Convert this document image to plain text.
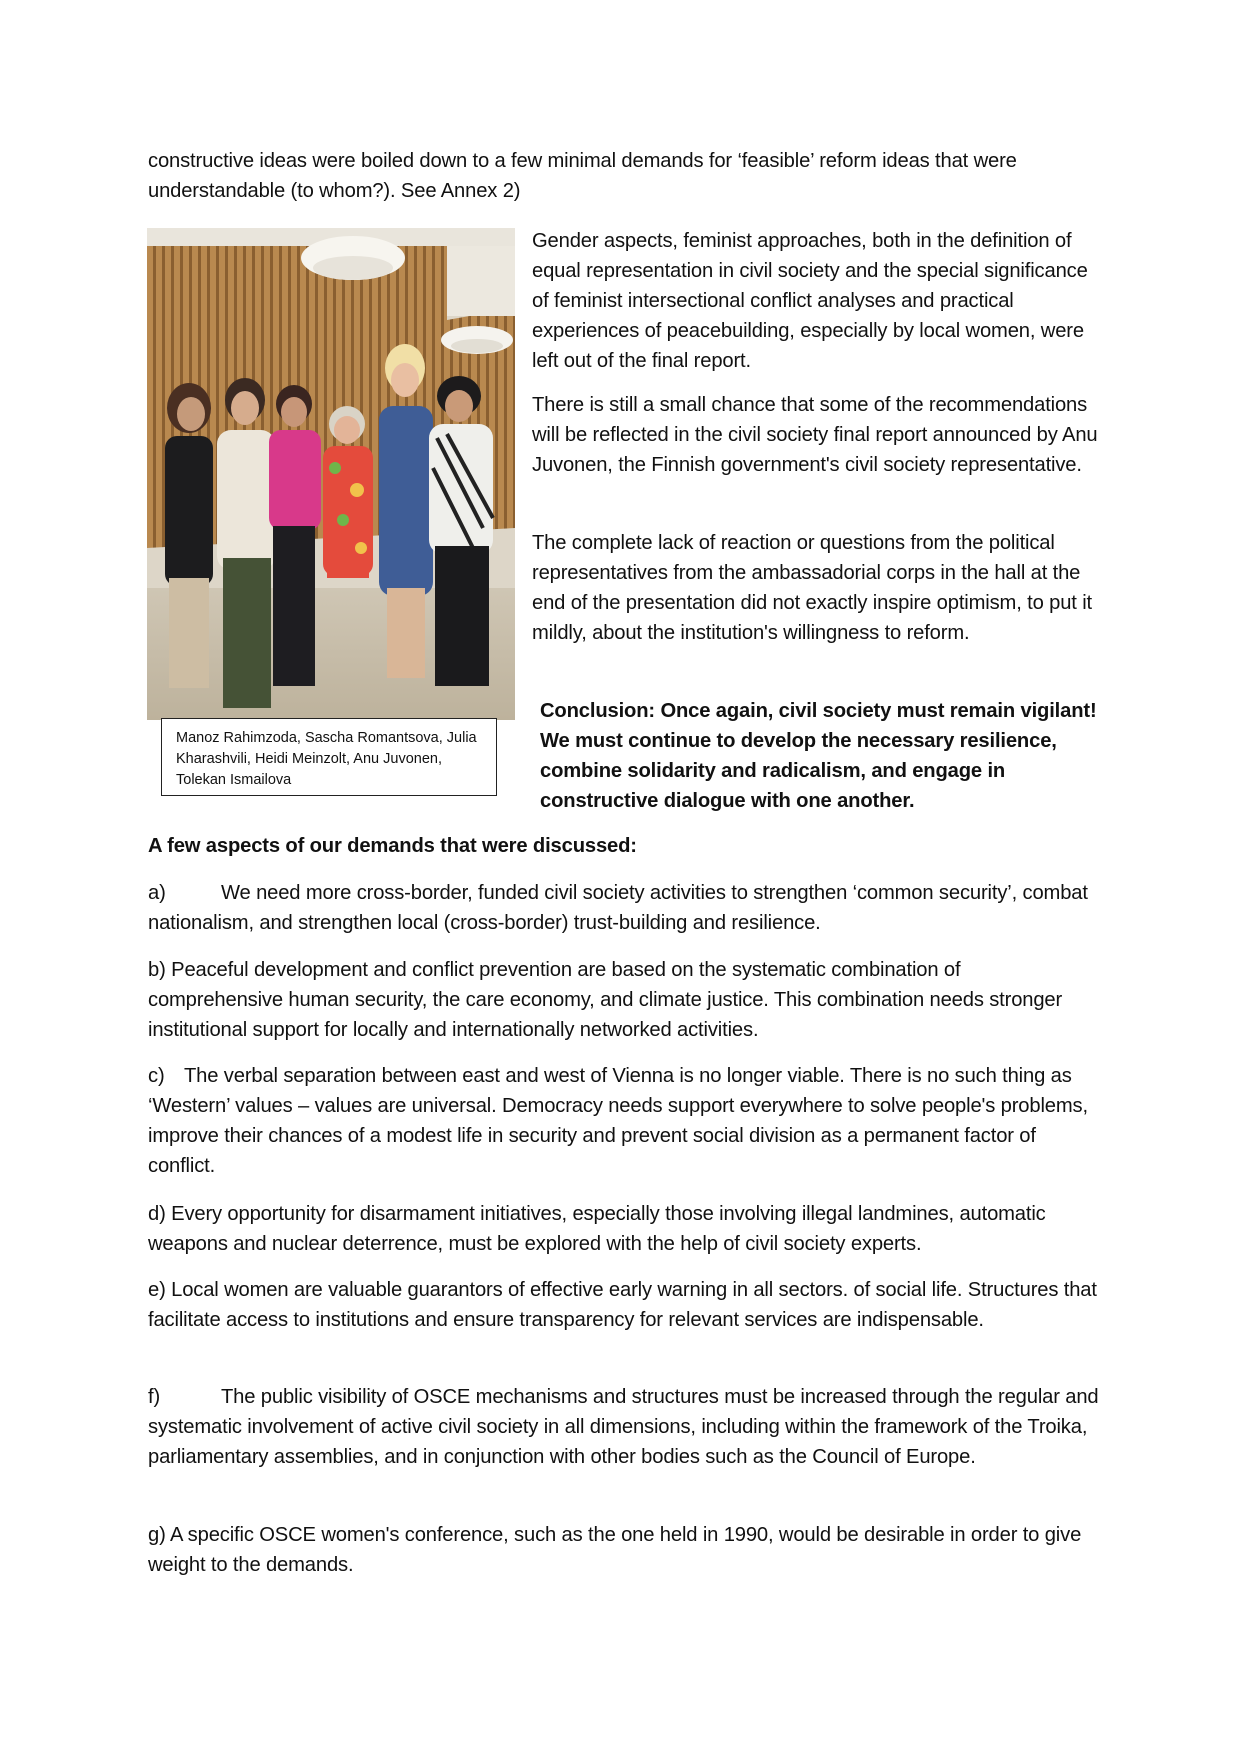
constructive ideas were boiled down to a few minimal demands for ‘feasible’ reform ideas that were understandable (to whom?). See Annex 2)

Manoz Rahimzoda, Sascha Romantsova, Julia Kharashvili, Heidi Meinzolt, Anu Juvonen, Tolekan Ismailova

Gender aspects, feminist approaches, both in the definition of equal representation in civil society and the special significance of feminist intersectional conflict analyses and practical experiences of peacebuilding, especially by local women, were left out of the final report.

There is still a small chance that some of the recommendations will be reflected in the civil society final report announced by Anu Juvonen, the Finnish government's civil society representative.

The complete lack of reaction or questions from the political representatives from the ambassadorial corps in the hall at the end of the presentation did not exactly inspire optimism, to put it mildly, about the institution's willingness to reform.

Conclusion: Once again, civil society must remain vigilant! We must continue to develop the necessary resilience, combine solidarity and radicalism, and engage in constructive dialogue with one another.

A few aspects of our demands that were discussed:

a)	We need more cross-border, funded civil society activities to strengthen ‘common security’, combat nationalism, and strengthen local (cross-border) trust-building and resilience.

b) Peaceful development and conflict prevention are based on the systematic combination of comprehensive human security, the care economy, and climate justice. This combination needs stronger institutional support for locally and internationally networked activities.

c) The verbal separation between east and west of Vienna is no longer viable. There is no such thing as ‘Western’ values – values are universal. Democracy needs support everywhere to solve people's problems, improve their chances of a modest life in security and prevent social division as a permanent factor of conflict.

d) Every opportunity for disarmament initiatives, especially those involving illegal landmines, automatic weapons and nuclear deterrence, must be explored with the help of civil society experts.

e) Local women are valuable guarantors of effective early warning in all sectors. of social life. Structures that facilitate access to institutions and ensure transparency for relevant services are indispensable.

f)	The public visibility of OSCE mechanisms and structures must be increased through the regular and systematic involvement of active civil society in all dimensions, including within the framework of the Troika, parliamentary assemblies, and in conjunction with other bodies such as the Council of Europe.

g) A specific OSCE women's conference, such as the one held in 1990, would be desirable in order to give weight to the demands.
